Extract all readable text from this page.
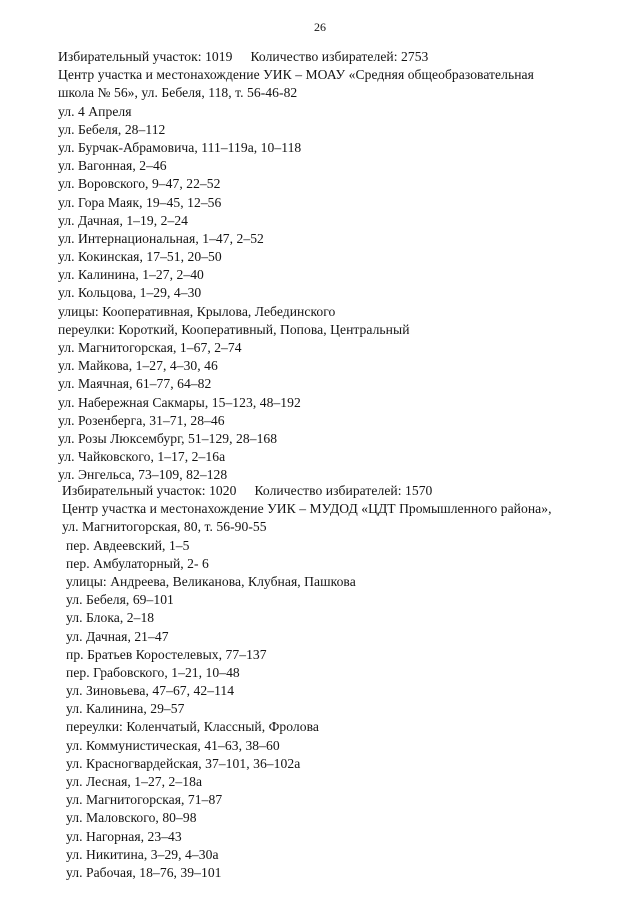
26
Избирательный участок: 1019 Количество избирателей: 2753
Центр участка и местонахождение УИК – МОАУ «Средняя общеобразовательная
школа № 56», ул. Бебеля, 118, т. 56-46-82
ул. 4 Апреля
ул. Бебеля, 28–112
ул. Бурчак-Абрамовича, 111–119а, 10–118
ул. Вагонная, 2–46
ул. Воровского, 9–47, 22–52
ул. Гора Маяк, 19–45, 12–56
ул. Дачная, 1–19, 2–24
ул. Интернациональная, 1–47, 2–52
ул. Кокинская, 17–51, 20–50
ул. Калинина, 1–27, 2–40
ул. Кольцова, 1–29, 4–30
улицы: Кооперативная, Крылова, Лебединского
переулки: Короткий, Кооперативный, Попова, Центральный
ул. Магнитогорская, 1–67, 2–74
ул. Майкова, 1–27, 4–30, 46
ул. Маячная, 61–77, 64–82
ул. Набережная Сакмары, 15–123, 48–192
ул. Розенберга, 31–71, 28–46
ул. Розы Люксембург, 51–129, 28–168
ул. Чайковского, 1–17, 2–16а
ул. Энгельса, 73–109, 82–128
Избирательный участок: 1020 Количество избирателей: 1570
Центр участка и местонахождение УИК – МУДОД «ЦДТ Промышленного района»,
ул. Магнитогорская, 80, т. 56-90-55
пер. Авдеевский, 1–5
пер. Амбулаторный, 2- 6
улицы: Андреева, Великанова, Клубная, Пашкова
ул. Бебеля, 69–101
ул. Блока, 2–18
ул. Дачная, 21–47
пр. Братьев Коростелевых, 77–137
пер. Грабовского, 1–21, 10–48
ул. Зиновьева, 47–67, 42–114
ул. Калинина, 29–57
переулки: Коленчатый, Классный, Фролова
ул. Коммунистическая, 41–63, 38–60
ул. Красногвардейская, 37–101, 36–102а
ул. Лесная, 1–27, 2–18а
ул. Магнитогорская, 71–87
ул. Маловского, 80–98
ул. Нагорная, 23–43
ул. Никитина, 3–29, 4–30а
ул. Рабочая, 18–76, 39–101
